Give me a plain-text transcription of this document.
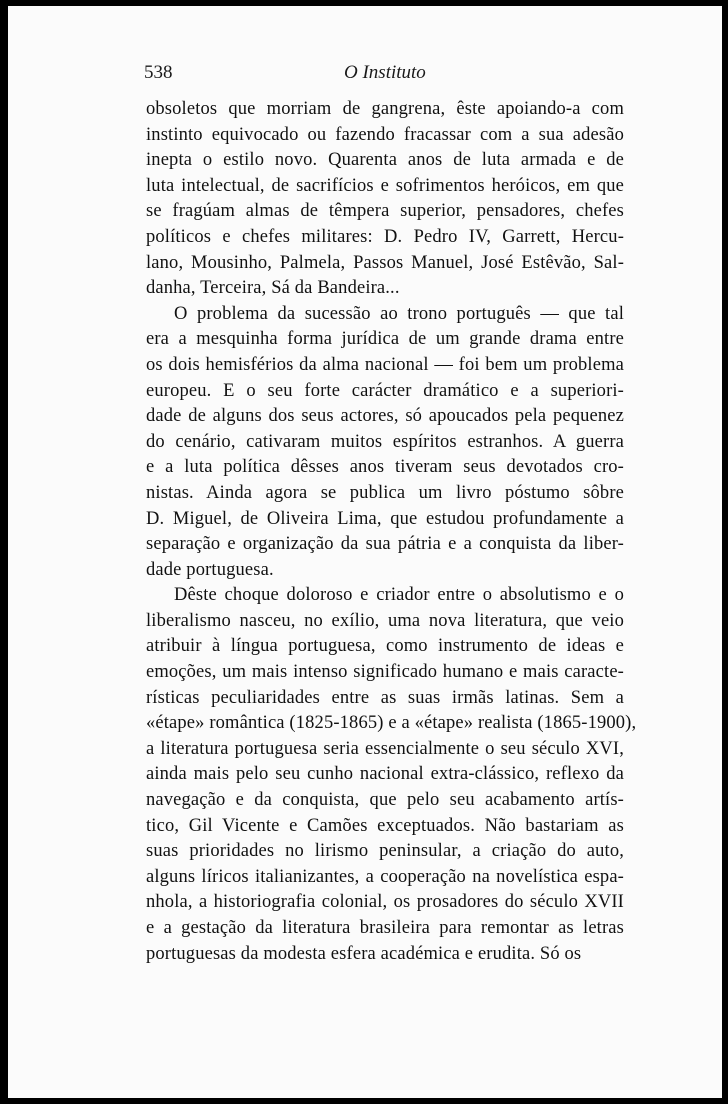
538	O Instituto
obsoletos que morriam de gangrena, êste apoiando-a com
instinto equivocado ou fazendo fracassar com a sua adesão
inepta o estilo novo. Quarenta anos de luta armada e de
luta intelectual, de sacrifícios e sofrimentos heróicos, em que
se fragúam almas de têmpera superior, pensadores, chefes
políticos e chefes militares: D. Pedro IV, Garrett, Hercu-
lano, Mousinho, Palmela, Passos Manuel, José Estêvão, Sal-
danha, Terceira, Sá da Bandeira...
O problema da sucessão ao trono português — que tal
era a mesquinha forma jurídica de um grande drama entre
os dois hemisférios da alma nacional — foi bem um problema
europeu. E o seu forte carácter dramático e a superiori-
dade de alguns dos seus actores, só apoucados pela pequenez
do cenário, cativaram muitos espíritos estranhos. A guerra
e a luta política dêsses anos tiveram seus devotados cro-
nistas. Ainda agora se publica um livro póstumo sôbre
D. Miguel, de Oliveira Lima, que estudou profundamente a
separação e organização da sua pátria e a conquista da liber-
dade portuguesa.
Dêste choque doloroso e criador entre o absolutismo e o
liberalismo nasceu, no exílio, uma nova literatura, que veio
atribuir à língua portuguesa, como instrumento de ideas e
emoções, um mais intenso significado humano e mais caracte-
rísticas peculiaridades entre as suas irmãs latinas. Sem a
«étape» romântica (1825-1865) e a «étape» realista (1865-1900),
a literatura portuguesa seria essencialmente o seu século XVI,
ainda mais pelo seu cunho nacional extra-clássico, reflexo da
navegação e da conquista, que pelo seu acabamento artís-
tico, Gil Vicente e Camões exceptuados. Não bastariam as
suas prioridades no lirismo peninsular, a criação do auto,
alguns líricos italianizantes, a cooperação na novelística espa-
nhola, a historiografia colonial, os prosadores do século XVII
e a gestação da literatura brasileira para remontar as letras
portuguesas da modesta esfera académica e erudita. Só os
